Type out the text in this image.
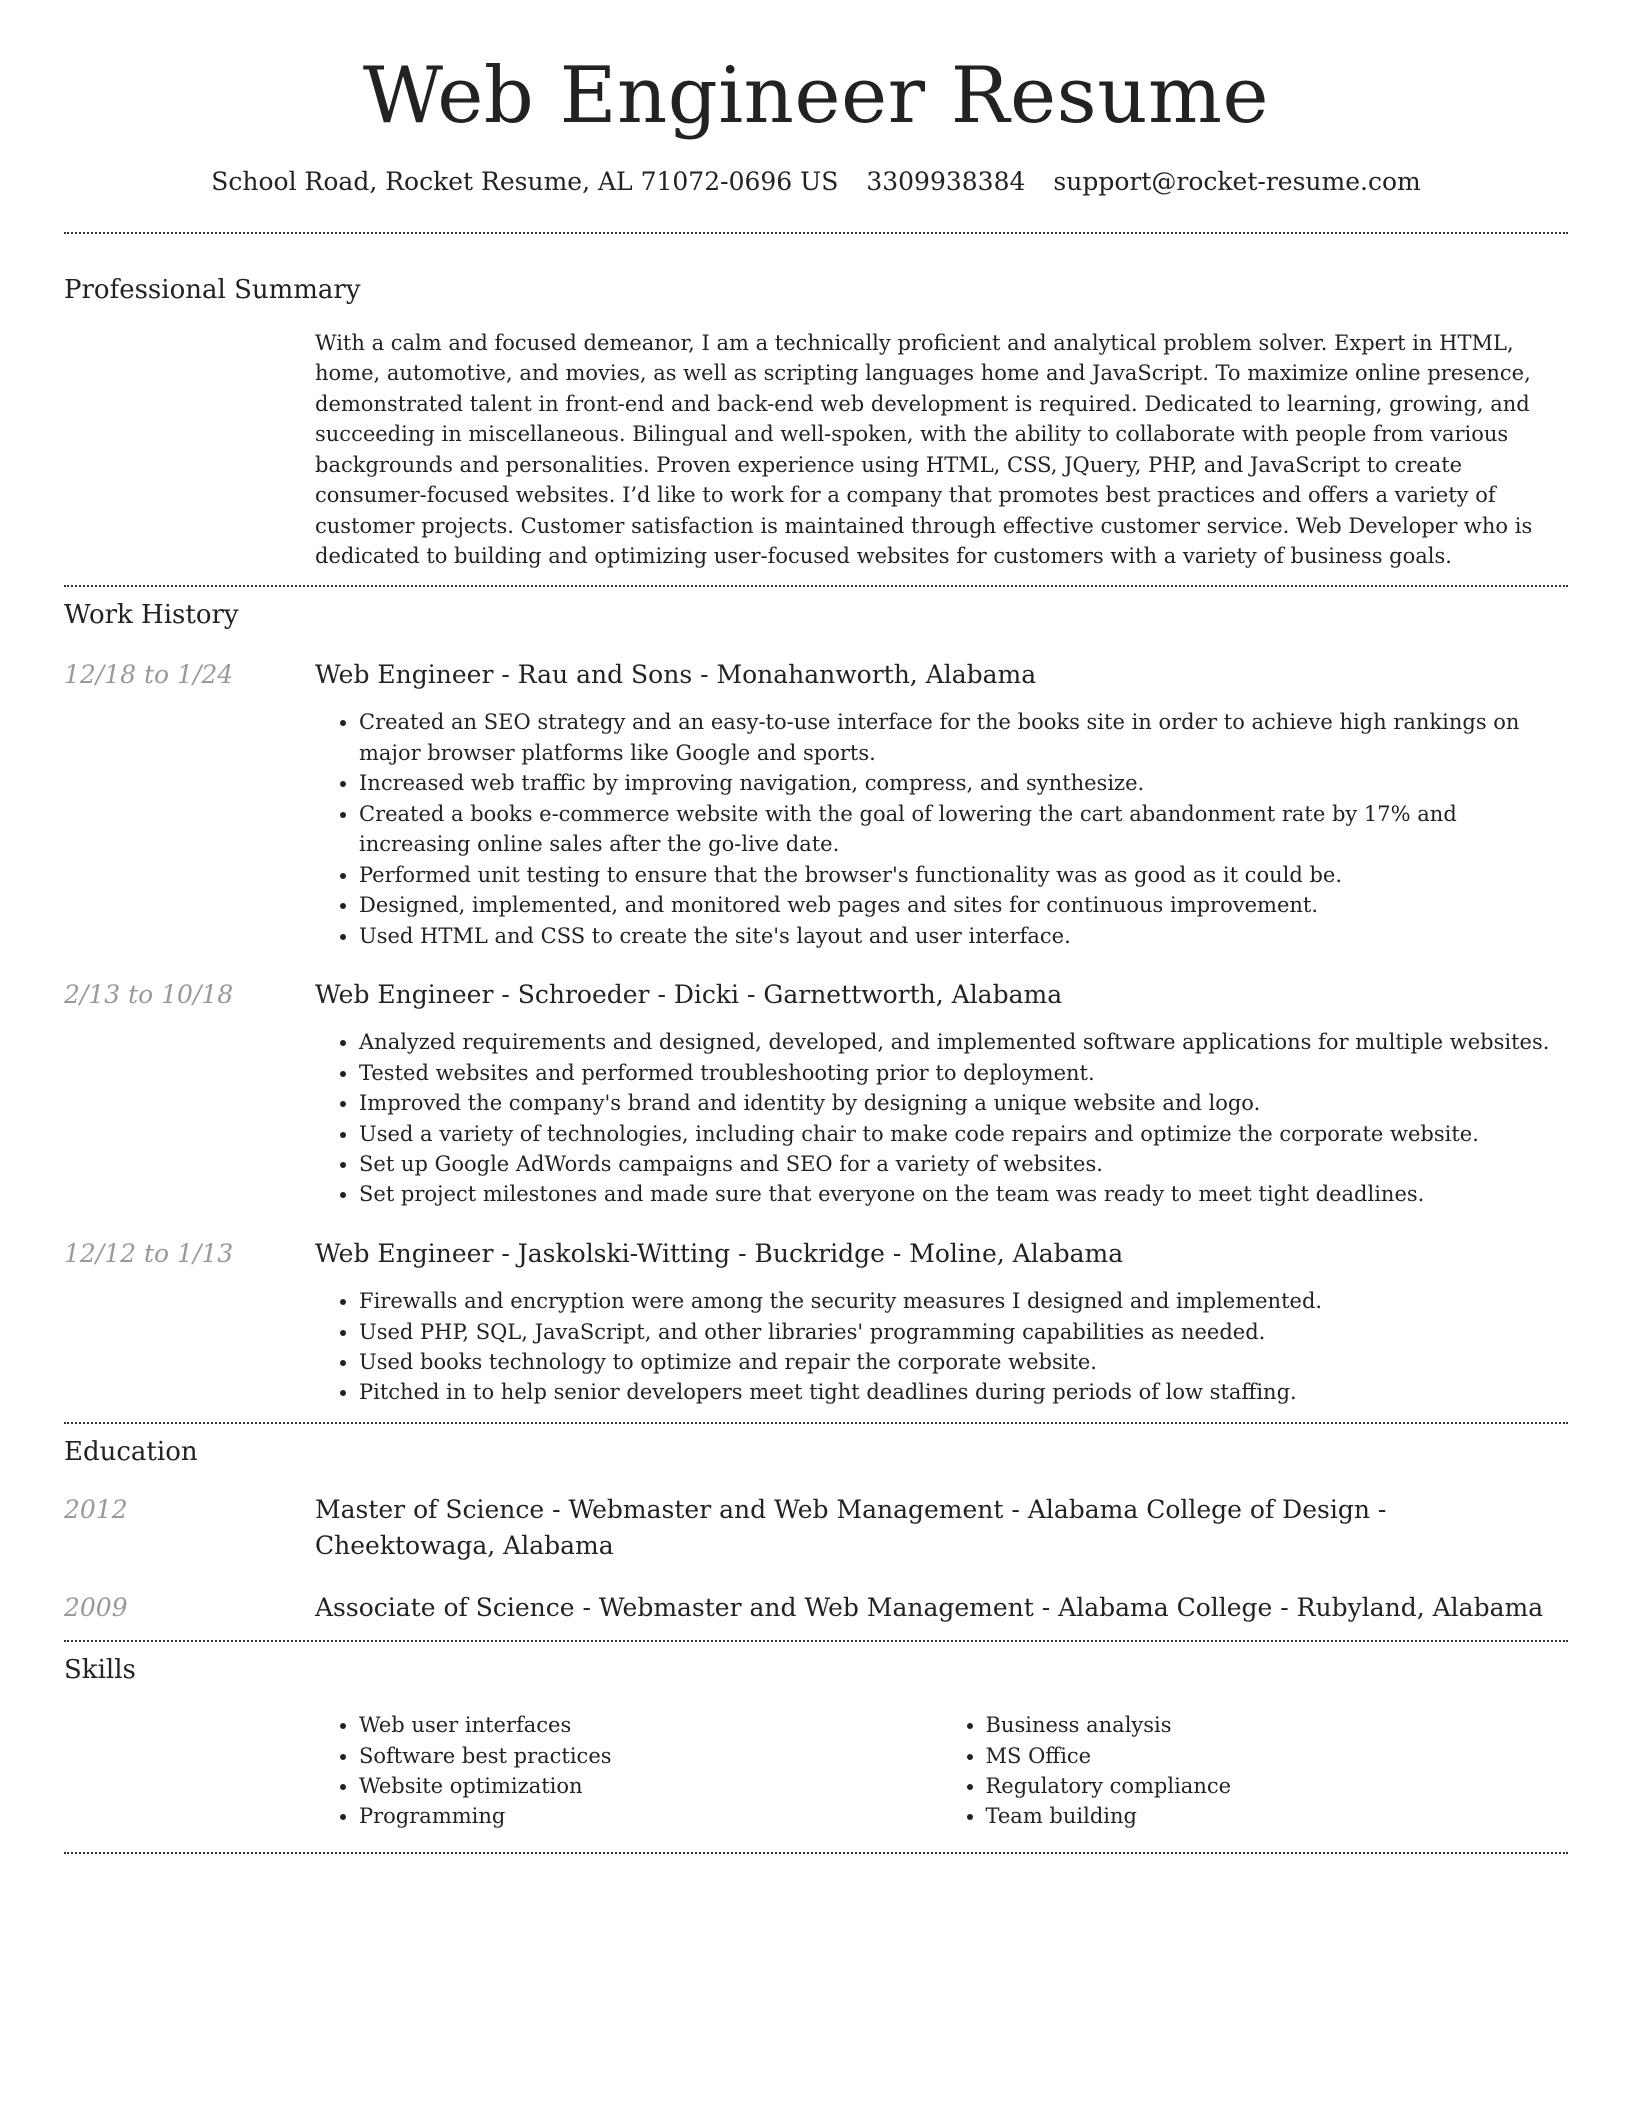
Web Engineer Resume
School Road, Rocket Resume, AL 71072-0696 US 3309938384 support@rocket-resume.com
Professional Summary
With a calm and focused demeanor, I am a technically proficient and analytical problem solver. Expert in HTML, home, automotive, and movies, as well as scripting languages home and JavaScript. To maximize online presence, demonstrated talent in front-end and back-end web development is required. Dedicated to learning, growing, and succeeding in miscellaneous. Bilingual and well-spoken, with the ability to collaborate with people from various backgrounds and personalities. Proven experience using HTML, CSS, JQuery, PHP, and JavaScript to create consumer-focused websites. I’d like to work for a company that promotes best practices and offers a variety of customer projects. Customer satisfaction is maintained through effective customer service. Web Developer who is dedicated to building and optimizing user-focused websites for customers with a variety of business goals.
Work History
12/18 to 1/24	Web Engineer - Rau and Sons - Monahanworth, Alabama
• Created an SEO strategy and an easy-to-use interface for the books site in order to achieve high rankings on major browser platforms like Google and sports.
• Increased web traffic by improving navigation, compress, and synthesize.
• Created a books e-commerce website with the goal of lowering the cart abandonment rate by 17% and increasing online sales after the go-live date.
• Performed unit testing to ensure that the browser's functionality was as good as it could be.
• Designed, implemented, and monitored web pages and sites for continuous improvement.
• Used HTML and CSS to create the site's layout and user interface.
2/13 to 10/18	Web Engineer - Schroeder - Dicki - Garnettworth, Alabama
• Analyzed requirements and designed, developed, and implemented software applications for multiple websites.
• Tested websites and performed troubleshooting prior to deployment.
• Improved the company's brand and identity by designing a unique website and logo.
• Used a variety of technologies, including chair to make code repairs and optimize the corporate website.
• Set up Google AdWords campaigns and SEO for a variety of websites.
• Set project milestones and made sure that everyone on the team was ready to meet tight deadlines.
12/12 to 1/13	Web Engineer - Jaskolski-Witting - Buckridge - Moline, Alabama
• Firewalls and encryption were among the security measures I designed and implemented.
• Used PHP, SQL, JavaScript, and other libraries' programming capabilities as needed.
• Used books technology to optimize and repair the corporate website.
• Pitched in to help senior developers meet tight deadlines during periods of low staffing.
Education
2012	Master of Science - Webmaster and Web Management - Alabama College of Design - Cheektowaga, Alabama
2009	Associate of Science - Webmaster and Web Management - Alabama College - Rubyland, Alabama
Skills
• Web user interfaces
• Software best practices
• Website optimization
• Programming
• Business analysis
• MS Office
• Regulatory compliance
• Team building
